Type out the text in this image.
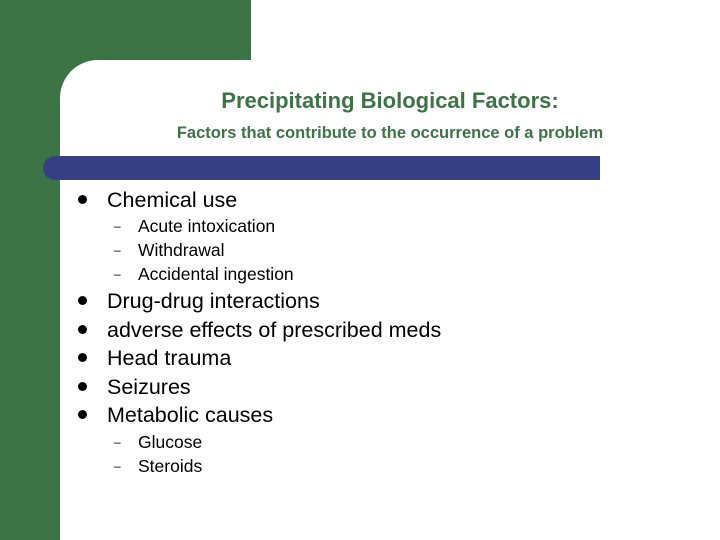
Precipitating Biological Factors:
Factors that contribute to the occurrence of a problem
Chemical use
– Acute intoxication
– Withdrawal
– Accidental ingestion
Drug-drug interactions
adverse effects of prescribed meds
Head trauma
Seizures
Metabolic causes
– Glucose
– Steroids
